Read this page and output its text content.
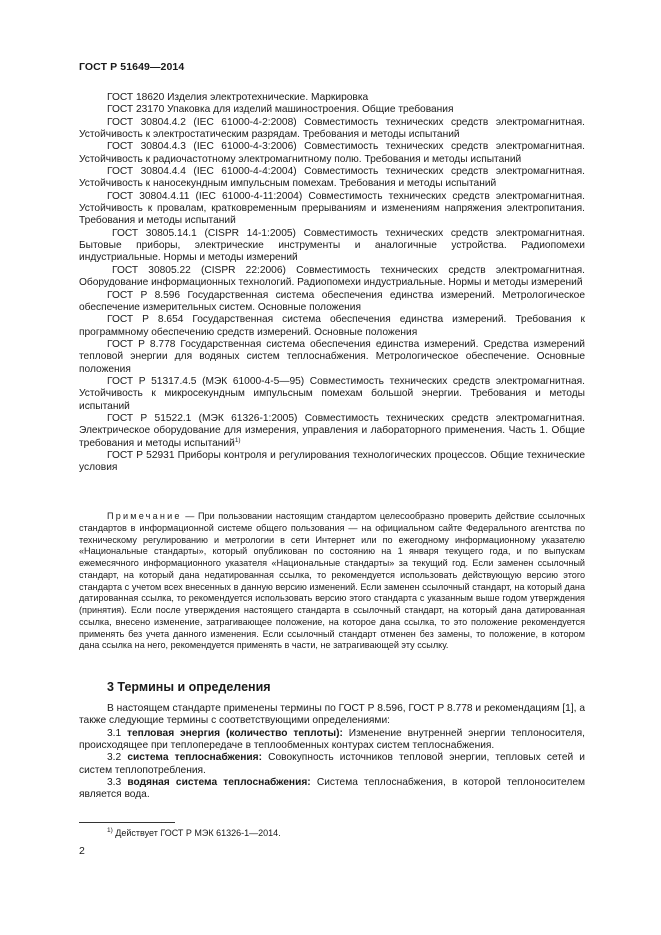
ГОСТ Р 51649—2014

ГОСТ 18620 Изделия электротехнические. Маркировка

ГОСТ 23170 Упаковка для изделий машиностроения. Общие требования

ГОСТ 30804.4.2 (IEC 61000-4-2:2008) Совместимость технических средств электромагнитная. Устойчивость к электростатическим разрядам. Требования и методы испытаний

ГОСТ 30804.4.3 (IEC 61000-4-3:2006) Совместимость технических средств электромагнитная. Устойчивость к радиочастотному электромагнитному полю. Требования и методы испытаний

ГОСТ 30804.4.4 (IEC 61000-4-4:2004) Совместимость технических средств электромагнитная. Устойчивость к наносекундным импульсным помехам. Требования и методы испытаний

ГОСТ 30804.4.11 (IEC 61000-4-11:2004) Совместимость технических средств электромагнитная. Устойчивость к провалам, кратковременным прерываниям и изменениям напряжения электропитания. Требования и методы испытаний

ГОСТ 30805.14.1 (CISPR 14-1:2005) Совместимость технических средств электромагнитная. Бытовые приборы, электрические инструменты и аналогичные устройства. Радиопомехи индустриальные. Нормы и методы измерений

ГОСТ 30805.22 (CISPR 22:2006) Совместимость технических средств электромагнитная. Оборудование информационных технологий. Радиопомехи индустриальные. Нормы и методы измерений

ГОСТ Р 8.596 Государственная система обеспечения единства измерений. Метрологическое обеспечение измерительных систем. Основные положения

ГОСТ Р 8.654 Государственная система обеспечения единства измерений. Требования к программному обеспечению средств измерений. Основные положения

ГОСТ Р 8.778 Государственная система обеспечения единства измерений. Средства измерений тепловой энергии для водяных систем теплоснабжения. Метрологическое обеспечение. Основные положения

ГОСТ Р 51317.4.5 (МЭК 61000-4-5—95) Совместимость технических средств электромагнитная. Устойчивость к микросекундным импульсным помехам большой энергии. Требования и методы испытаний

ГОСТ Р 51522.1 (МЭК 61326-1:2005) Совместимость технических средств электромагнитная. Электрическое оборудование для измерения, управления и лабораторного применения. Часть 1. Общие требования и методы испытаний$^{1)}$

ГОСТ Р 52931 Приборы контроля и регулирования технологических процессов. Общие технические условия

Примечание — При пользовании настоящим стандартом целесообразно проверить действие ссылочных стандартов в информационной системе общего пользования — на официальном сайте Федерального агентства по техническому регулированию и метрологии в сети Интернет или по ежегодному информационному указателю «Национальные стандарты», который опубликован по состоянию на 1 января текущего года, и по выпускам ежемесячного информационного указателя «Национальные стандарты» за текущий год. Если заменен ссылочный стандарт, на который дана недатированная ссылка, то рекомендуется использовать действующую версию этого стандарта с учетом всех внесенных в данную версию изменений. Если заменен ссылочный стандарт, на который дана датированная ссылка, то рекомендуется использовать версию этого стандарта с указанным выше годом утверждения (принятия). Если после утверждения настоящего стандарта в ссылочный стандарт, на который дана датированная ссылка, внесено изменение, затрагивающее положение, на которое дана ссылка, то это положение рекомендуется применять без учета данного изменения. Если ссылочный стандарт отменен без замены, то положение, в котором дана ссылка на него, рекомендуется применять в части, не затрагивающей эту ссылку.

3 Термины и определения

В настоящем стандарте применены термины по ГОСТ Р 8.596, ГОСТ Р 8.778 и рекомендациям [1], а также следующие термины с соответствующими определениями:

3.1 тепловая энергия (количество теплоты): Изменение внутренней энергии теплоносителя, происходящее при теплопередаче в теплообменных контурах систем теплоснабжения.

3.2 система теплоснабжения: Совокупность источников тепловой энергии, тепловых сетей и систем теплопотребления.

3.3 водяная система теплоснабжения: Система теплоснабжения, в которой теплоносителем является вода.

$^{1)}$ Действует ГОСТ Р МЭК 61326-1—2014.
2
